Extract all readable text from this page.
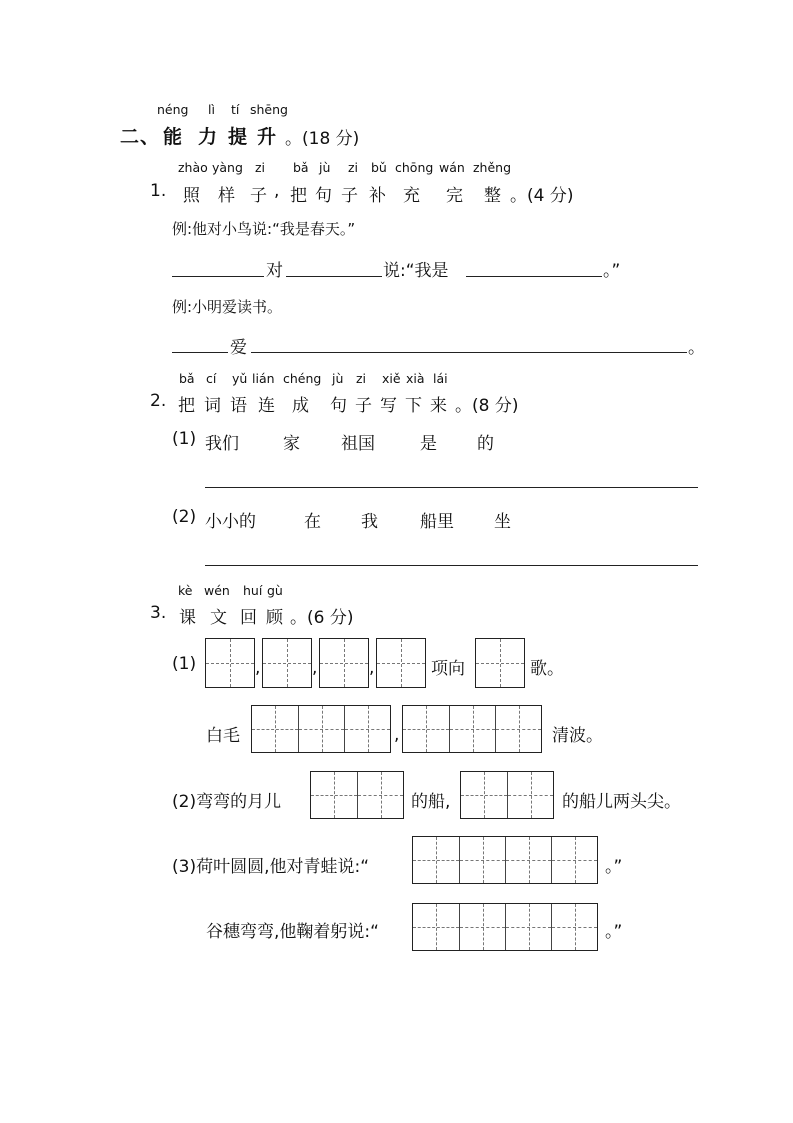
néng lì tí shēng
二、 能 力 提 升 。(18 分)
zhào yàng zi bǎ jù zi bǔ chōng wán zhěng
1. 照 样 子 , 把 句 子 补 充 完 整 。(4 分)
例:他对小鸟说:“我是春天。”
对	说:“我是	。”
例:小明爱读书。
爱	。
bǎ cí yǔ lián chéng jù zi xiě xià lái
2. 把 词 语 连 成 句 子 写 下 来 。(8 分)
(1) 我们	家 祖国	是 的
(2) 小小的	在 我 船里 坐
kè wén huí gù
3. 课 文 回 顾 。(6 分)
(1)	,	,	,	项向	歌。
白毛	,	清波。
(2)弯弯的月儿	的船,	的船儿两头尖。
(3)荷叶圆圆,他对青蛙说:“	。”
谷穗弯弯,他鞠着躬说:“	。”
